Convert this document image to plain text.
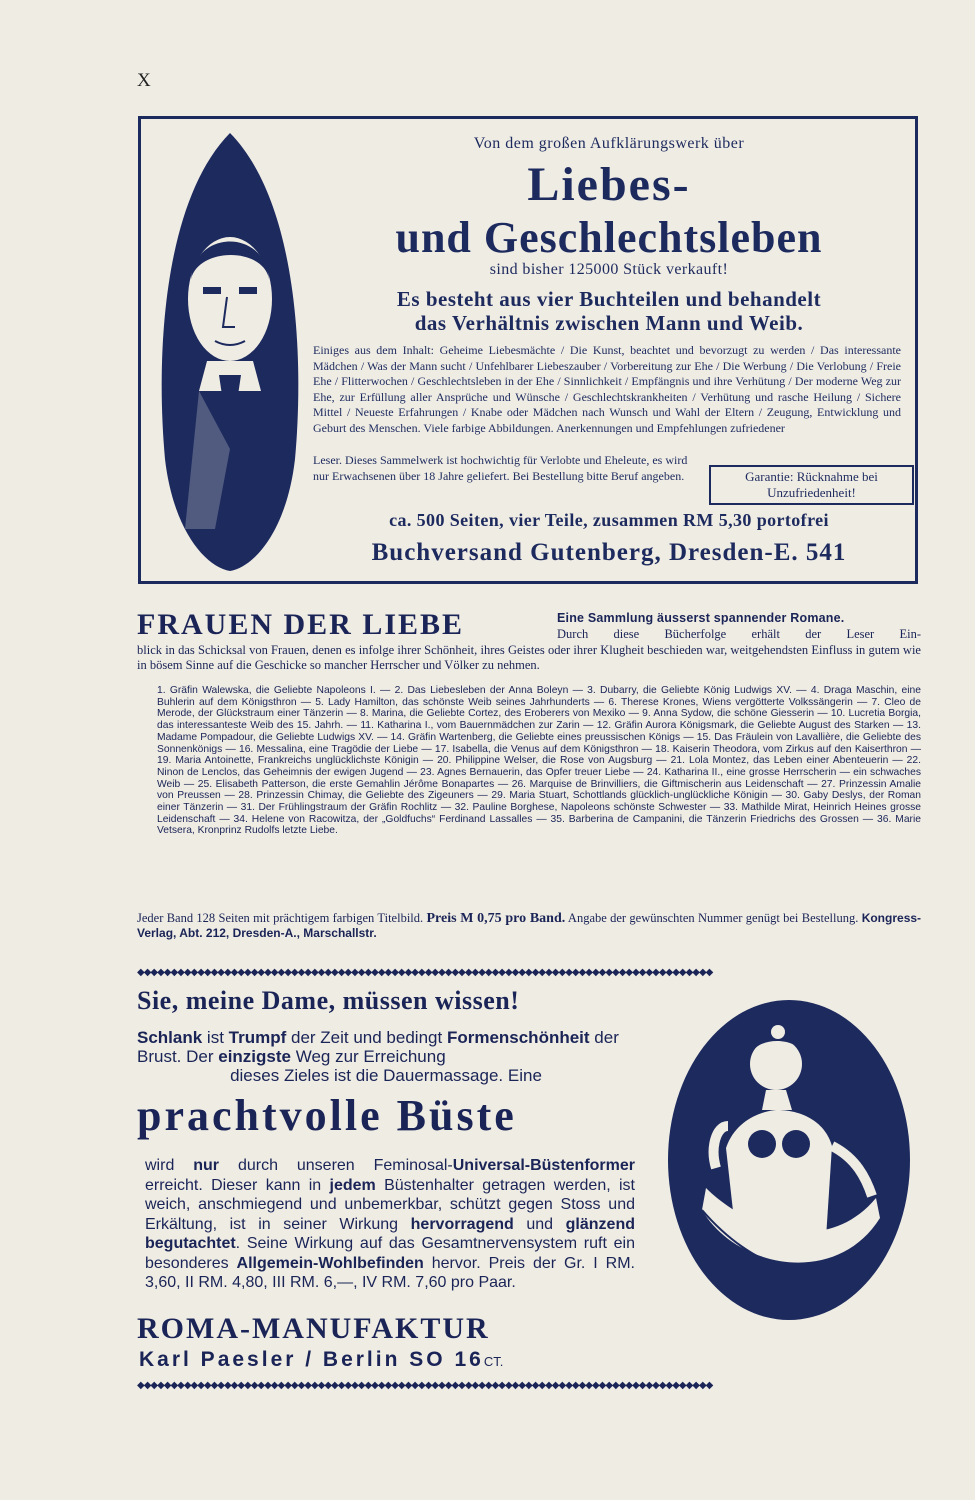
X
Von dem großen Aufklärungswerk über
Liebes-
und Geschlechtsleben
sind bisher 125000 Stück verkauft!
Es besteht aus vier Buchteilen und behandelt
das Verhältnis zwischen Mann und Weib.
Einiges aus dem Inhalt: Geheime Liebesmächte / Die Kunst, beachtet und bevorzugt zu werden / Das interessante Mädchen / Was der Mann sucht / Unfehlbarer Liebeszauber / Vorbereitung zur Ehe / Die Werbung / Die Verlobung / Freie Ehe / Flitterwochen / Geschlechtsleben in der Ehe / Sinnlichkeit / Empfängnis und ihre Verhütung / Der moderne Weg zur Ehe, zur Erfüllung aller Ansprüche und Wünsche / Geschlechtskrankheiten / Verhütung und rasche Heilung / Sichere Mittel / Neueste Erfahrungen / Knabe oder Mädchen nach Wunsch und Wahl der Eltern / Zeugung, Entwicklung und Geburt des Menschen. Viele farbige Abbildungen. Anerkennungen und Empfehlungen zufriedener
Leser. Dieses Sammelwerk ist hochwichtig für Verlobte und Eheleute, es wird nur Erwachsenen über 18 Jahre geliefert. Bei Bestellung bitte Beruf angeben.	Garantie: Rücknahme bei Unzufriedenheit!
ca. 500 Seiten, vier Teile, zusammen RM 5,30 portofrei
Buchversand Gutenberg, Dresden-E. 541
FRAUEN DER LIEBE	Eine Sammlung äusserst spannender Romane.
Durch diese Bücherfolge erhält der Leser Ein-
blick in das Schicksal von Frauen, denen es infolge ihrer Schönheit, ihres Geistes oder ihrer Klugheit beschieden war, weitgehendsten Einfluss in gutem wie in bösem Sinne auf die Geschicke so mancher Herrscher und Völker zu nehmen.
1. Gräfin Walewska, die Geliebte Napoleons I. — 2. Das Liebesleben der Anna Boleyn — 3. Dubarry, die Geliebte König Ludwigs XV. — 4. Draga Maschin, eine Buhlerin auf dem Königsthron — 5. Lady Hamilton, das schönste Weib seines Jahrhunderts — 6. Therese Krones, Wiens vergötterte Volkssängerin — 7. Cleo de Merode, der Glückstraum einer Tänzerin — 8. Marina, die Geliebte Cortez, des Eroberers von Mexiko — 9. Anna Sydow, die schöne Giesserin — 10. Lucretia Borgia, das interessanteste Weib des 15. Jahrh. — 11. Katharina I., vom Bauernmädchen zur Zarin — 12. Gräfin Aurora Königsmark, die Geliebte August des Starken — 13. Madame Pompadour, die Geliebte Ludwigs XV. — 14. Gräfin Wartenberg, die Geliebte eines preussischen Königs — 15. Das Fräulein von Lavallière, die Geliebte des Sonnenkönigs — 16. Messalina, eine Tragödie der Liebe — 17. Isabella, die Venus auf dem Königsthron — 18. Kaiserin Theodora, vom Zirkus auf den Kaiserthron — 19. Maria Antoinette, Frankreichs unglücklichste Königin — 20. Philippine Welser, die Rose von Augsburg — 21. Lola Montez, das Leben einer Abenteuerin — 22. Ninon de Lenclos, das Geheimnis der ewigen Jugend — 23. Agnes Bernauerin, das Opfer treuer Liebe — 24. Katharina II., eine grosse Herrscherin — ein schwaches Weib — 25. Elisabeth Patterson, die erste Gemahlin Jérôme Bonapartes — 26. Marquise de Brinvilliers, die Giftmischerin aus Leidenschaft — 27. Prinzessin Amalie von Preussen — 28. Prinzessin Chimay, die Geliebte des Zigeuners — 29. Maria Stuart, Schottlands glücklich-unglückliche Königin — 30. Gaby Deslys, der Roman einer Tänzerin — 31. Der Frühlingstraum der Gräfin Rochlitz — 32. Pauline Borghese, Napoleons schönste Schwester — 33. Mathilde Mirat, Heinrich Heines grosse Leidenschaft — 34. Helene von Racowitza, der „Goldfuchs“ Ferdinand Lassalles — 35. Barberina de Campanini, die Tänzerin Friedrichs des Grossen — 36. Marie Vetsera, Kronprinz Rudolfs letzte Liebe.
Jeder Band 128 Seiten mit prächtigem farbigen Titelbild. Preis M 0,75 pro Band. Angabe der gewünschten Nummer genügt bei Bestellung. Kongress-Verlag, Abt. 212, Dresden-A., Marschallstr.
◆◆◆◆◆◆◆◆◆◆◆◆◆◆◆◆◆◆◆◆◆◆◆◆◆◆◆◆◆◆◆◆◆◆◆◆◆◆◆◆◆◆◆◆◆◆◆◆◆◆◆◆◆◆◆◆◆◆◆◆◆◆◆◆◆◆◆◆◆◆◆◆◆◆◆◆◆◆◆◆◆◆◆◆◆◆
Sie, meine Dame, müssen wissen!
Schlank ist Trumpf der Zeit und bedingt Formenschönheit der Brust. Der einzigste Weg zur Erreichung
dieses Zieles ist die Dauermassage. Eine
prachtvolle Büste
wird nur durch unseren Feminosal-Universal-Büstenformer erreicht. Dieser kann in jedem Büstenhalter getragen werden, ist weich, anschmiegend und unbemerkbar, schützt gegen Stoss und Erkältung, ist in seiner Wirkung hervorragend und glänzend begutachtet. Seine Wirkung auf das Gesamtnervensystem ruft ein besonderes Allgemein-Wohlbefinden hervor. Preis der Gr. I RM. 3,60, II RM. 4,80, III RM. 6,—, IV RM. 7,60 pro Paar.
ROMA-MANUFAKTUR
Karl Paesler / Berlin SO 16CT.
◆◆◆◆◆◆◆◆◆◆◆◆◆◆◆◆◆◆◆◆◆◆◆◆◆◆◆◆◆◆◆◆◆◆◆◆◆◆◆◆◆◆◆◆◆◆◆◆◆◆◆◆◆◆◆◆◆◆◆◆◆◆◆◆◆◆◆◆◆◆◆◆◆◆◆◆◆◆◆◆◆◆◆◆◆◆
